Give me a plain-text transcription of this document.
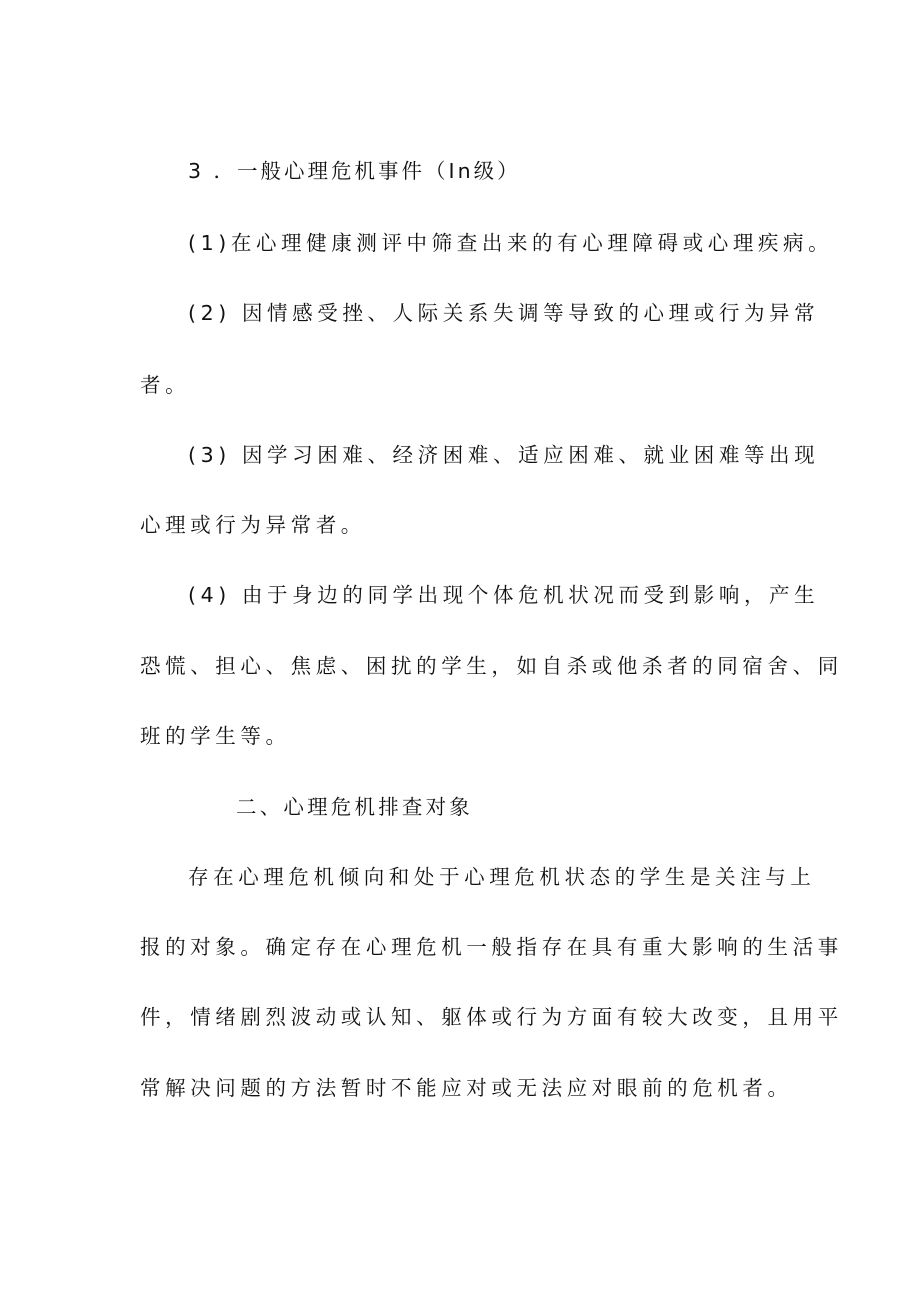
3 ．一般心理危机事件（In级）
(1)在心理健康测评中筛查出来的有心理障碍或心理疾病。
(2) 因情感受挫、人际关系失调等导致的心理或行为异常
者。
(3) 因学习困难、经济困难、适应困难、就业困难等出现
心理或行为异常者。
(4) 由于身边的同学出现个体危机状况而受到影响，产生
恐慌、担心、焦虑、困扰的学生，如自杀或他杀者的同宿舍、同
班的学生等。
二、心理危机排查对象
存在心理危机倾向和处于心理危机状态的学生是关注与上
报的对象。确定存在心理危机一般指存在具有重大影响的生活事
件，情绪剧烈波动或认知、躯体或行为方面有较大改变，且用平
常解决问题的方法暂时不能应对或无法应对眼前的危机者。
